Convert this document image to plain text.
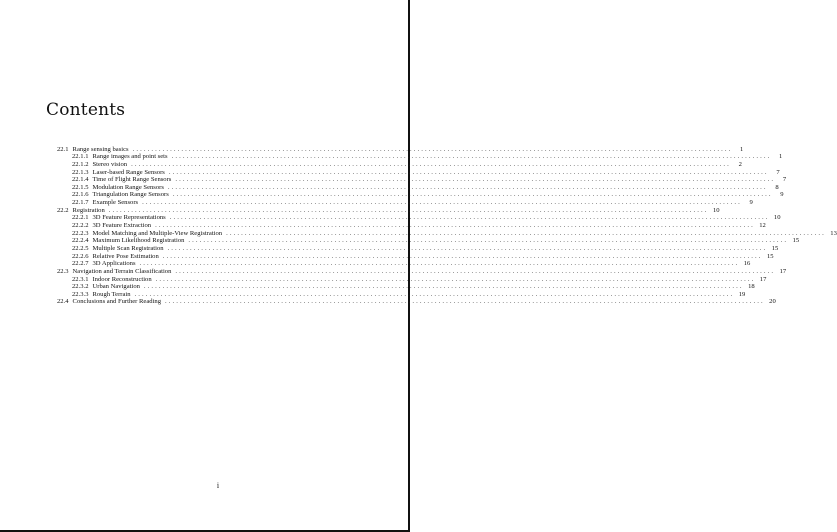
Contents
22.1 Range sensing basics ................................................................................................................................................................	1
22.1.1 Range images and point sets ................................................................................................................................................................	1
22.1.2 Stereo vision ................................................................................................................................................................	2
22.1.3 Laser-based Range Sensors ................................................................................................................................................................	7
22.1.4 Time of Flight Range Sensors ................................................................................................................................................................	7
22.1.5 Modulation Range Sensors ................................................................................................................................................................	8
22.1.6 Triangulation Range Sensors ................................................................................................................................................................	9
22.1.7 Example Sensors ................................................................................................................................................................	9
22.2 Registration ................................................................................................................................................................ 10
22.2.1 3D Feature Representations ................................................................................................................................................................ 10
22.2.2 3D Feature Extraction ................................................................................................................................................................ 12
22.2.3 Model Matching and Multiple-View Registration ................................................................................................................................................................ 13
22.2.4 Maximum Likelihood Registration ................................................................................................................................................................ 15
22.2.5 Multiple Scan Registration ................................................................................................................................................................ 15
22.2.6 Relative Pose Estimation ................................................................................................................................................................ 15
22.2.7 3D Applications ................................................................................................................................................................ 16
22.3 Navigation and Terrain Classification ................................................................................................................................................................ 17
22.3.1 Indoor Reconstruction ................................................................................................................................................................ 17
22.3.2 Urban Navigation ................................................................................................................................................................ 18
22.3.3 Rough Terrain ................................................................................................................................................................ 19
22.4 Conclusions and Further Reading ................................................................................................................................................................ 20
i
